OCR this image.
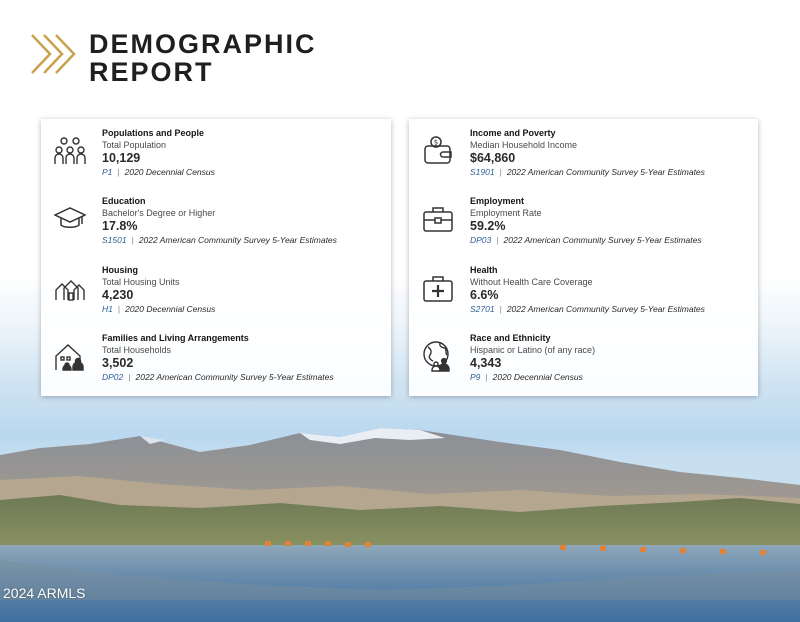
DEMOGRAPHIC
REPORT
Populations and People
Total Population
10,129
P1 | 2020 Decennial Census
Education
Bachelor's Degree or Higher
17.8%
S1501 | 2022 American Community Survey 5-Year Estimates
Housing
Total Housing Units
4,230
H1 | 2020 Decennial Census
Families and Living Arrangements
Total Households
3,502
DP02 | 2022 American Community Survey 5-Year Estimates
$
Income and Poverty
Median Household Income
$64,860
S1901 | 2022 American Community Survey 5-Year Estimates
Employment
Employment Rate
59.2%
DP03 | 2022 American Community Survey 5-Year Estimates
Health
Without Health Care Coverage
6.6%
S2701 | 2022 American Community Survey 5-Year Estimates
Race and Ethnicity
Hispanic or Latino (of any race)
4,343
P9 | 2020 Decennial Census
2024 ARMLS
